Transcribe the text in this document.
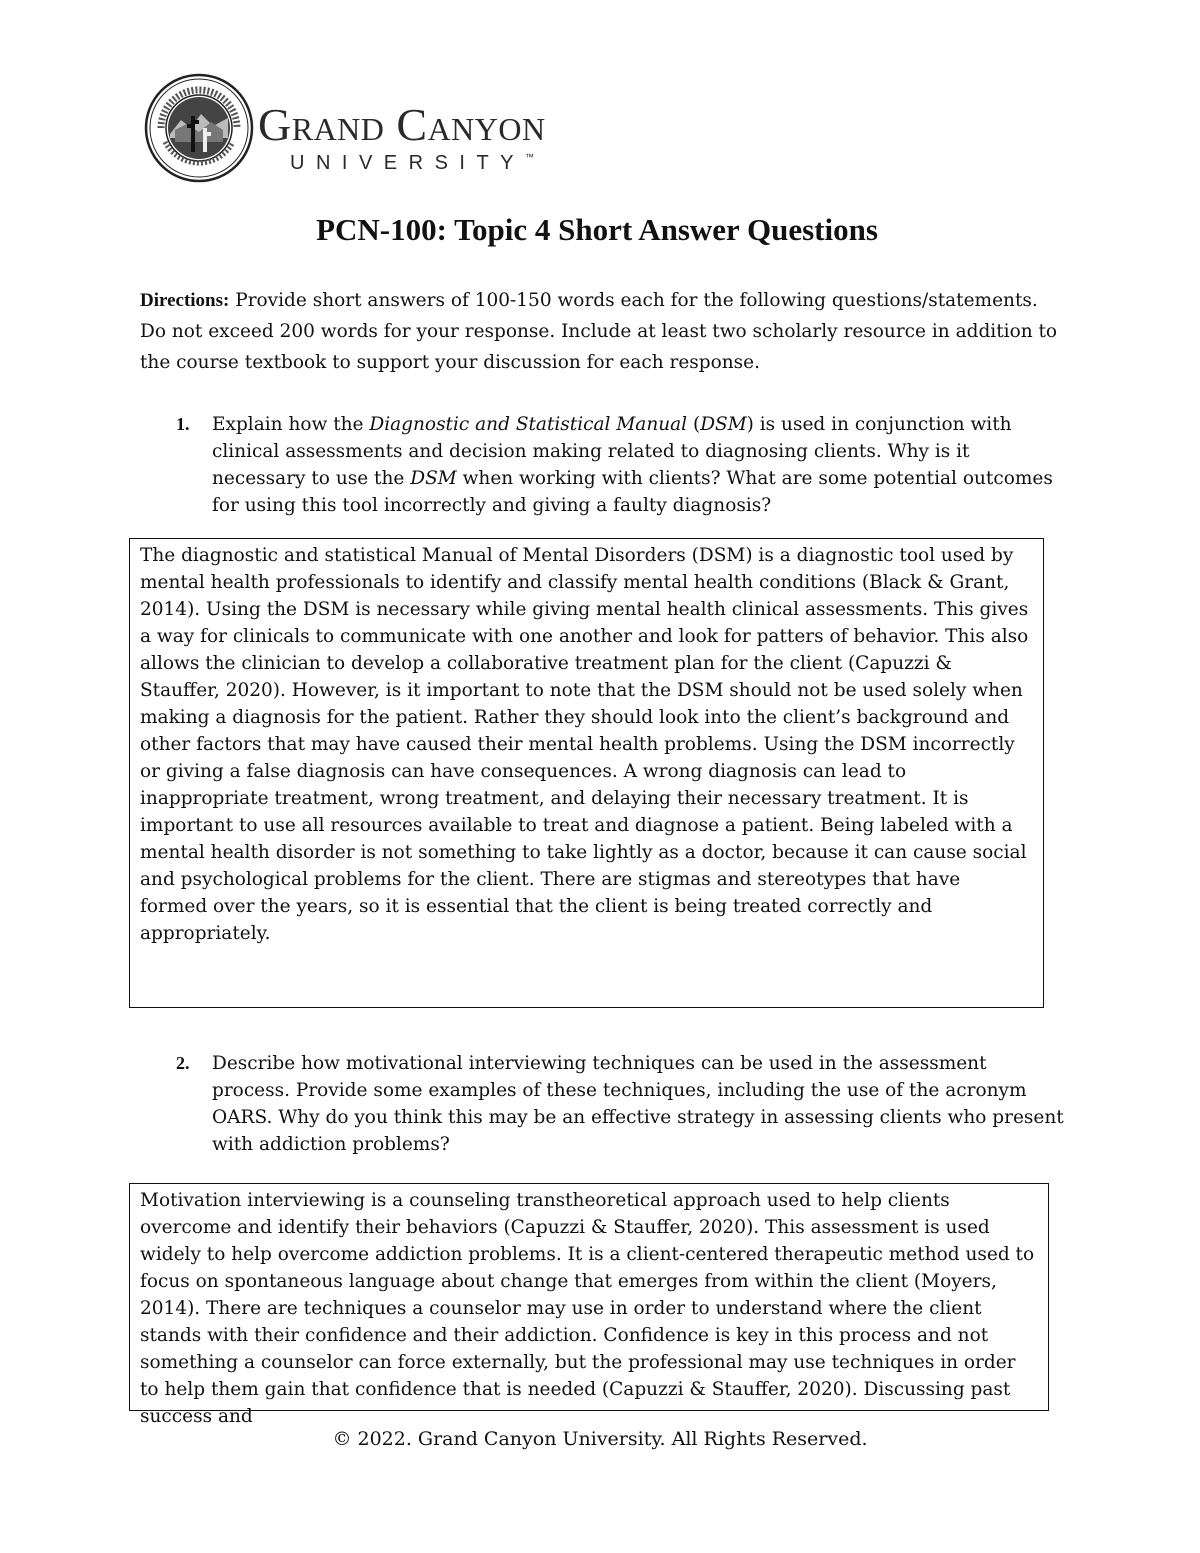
Grand Canyon
UNIVERSITY™
PCN-100: Topic 4 Short Answer Questions
Directions: Provide short answers of 100-150 words each for the following questions/statements. Do not exceed 200 words for your response. Include at least two scholarly resource in addition to the course textbook to support your discussion for each response.
1. Explain how the Diagnostic and Statistical Manual (DSM) is used in conjunction with clinical assessments and decision making related to diagnosing clients. Why is it necessary to use the DSM when working with clients? What are some potential outcomes for using this tool incorrectly and giving a faulty diagnosis?
The diagnostic and statistical Manual of Mental Disorders (DSM) is a diagnostic tool used by mental health professionals to identify and classify mental health conditions (Black & Grant, 2014). Using the DSM is necessary while giving mental health clinical assessments. This gives a way for clinicals to communicate with one another and look for patters of behavior. This also allows the clinician to develop a collaborative treatment plan for the client (Capuzzi & Stauffer, 2020). However, is it important to note that the DSM should not be used solely when making a diagnosis for the patient. Rather they should look into the client’s background and other factors that may have caused their mental health problems. Using the DSM incorrectly or giving a false diagnosis can have consequences. A wrong diagnosis can lead to inappropriate treatment, wrong treatment, and delaying their necessary treatment. It is important to use all resources available to treat and diagnose a patient. Being labeled with a mental health disorder is not something to take lightly as a doctor, because it can cause social and psychological problems for the client. There are stigmas and stereotypes that have formed over the years, so it is essential that the client is being treated correctly and appropriately.
2. Describe how motivational interviewing techniques can be used in the assessment process. Provide some examples of these techniques, including the use of the acronym OARS. Why do you think this may be an effective strategy in assessing clients who present with addiction problems?
Motivation interviewing is a counseling transtheoretical approach used to help clients overcome and identify their behaviors (Capuzzi & Stauffer, 2020). This assessment is used widely to help overcome addiction problems. It is a client-centered therapeutic method used to focus on spontaneous language about change that emerges from within the client (Moyers, 2014). There are techniques a counselor may use in order to understand where the client stands with their confidence and their addiction. Confidence is key in this process and not something a counselor can force externally, but the professional may use techniques in order to help them gain that confidence that is needed (Capuzzi & Stauffer, 2020). Discussing past success and
© 2022. Grand Canyon University. All Rights Reserved.
